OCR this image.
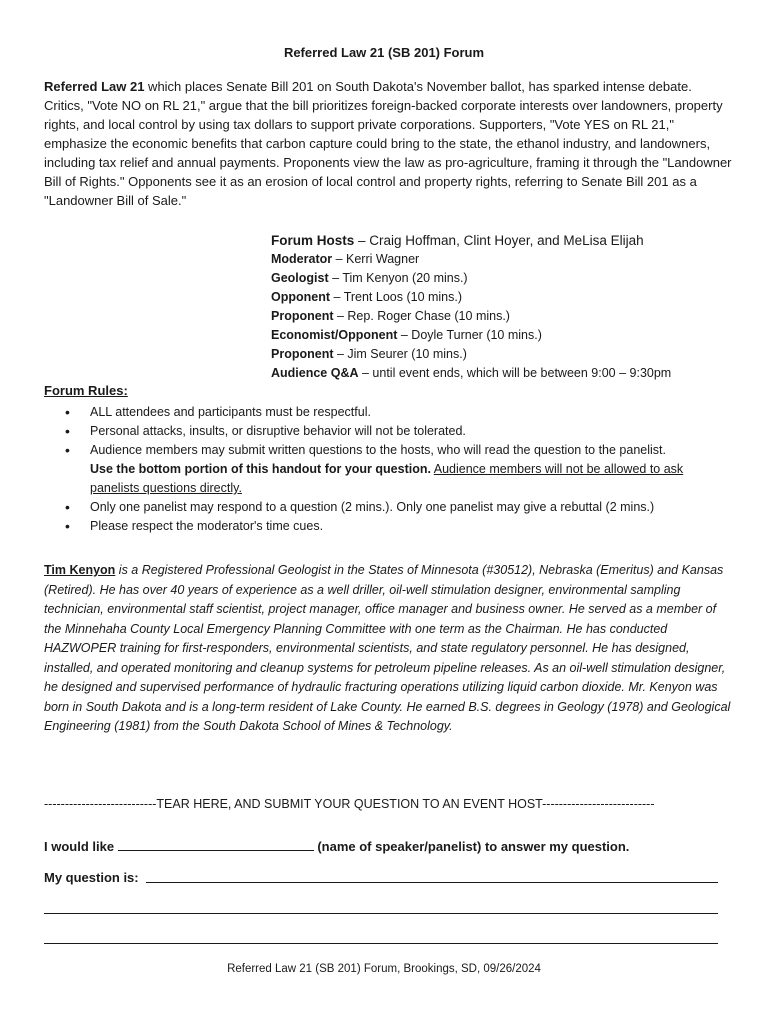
Referred Law 21 (SB 201) Forum

Referred Law 21 which places Senate Bill 201 on South Dakota's November ballot, has sparked intense debate. Critics, "Vote NO on RL 21," argue that the bill prioritizes foreign-backed corporate interests over landowners, property rights, and local control by using tax dollars to support private corporations. Supporters, "Vote YES on RL 21," emphasize the economic benefits that carbon capture could bring to the state, the ethanol industry, and landowners, including tax relief and annual payments. Proponents view the law as pro-agriculture, framing it through the "Landowner Bill of Rights." Opponents see it as an erosion of local control and property rights, referring to Senate Bill 201 as a "Landowner Bill of Sale."

Forum Hosts – Craig Hoffman, Clint Hoyer, and MeLisa Elijah
Moderator – Kerri Wagner
Geologist – Tim Kenyon (20 mins.)
Opponent – Trent Loos (10 mins.)
Proponent – Rep. Roger Chase (10 mins.)
Economist/Opponent – Doyle Turner (10 mins.)
Proponent – Jim Seurer (10 mins.)
Audience Q&A – until event ends, which will be between 9:00 – 9:30pm
Forum Rules:
• ALL attendees and participants must be respectful.
• Personal attacks, insults, or disruptive behavior will not be tolerated.
• Audience members may submit written questions to the hosts, who will read the question to the panelist.
Use the bottom portion of this handout for your question. Audience members will not be allowed to ask panelists questions directly.
• Only one panelist may respond to a question (2 mins.). Only one panelist may give a rebuttal (2 mins.)
• Please respect the moderator's time cues.

Tim Kenyon is a Registered Professional Geologist in the States of Minnesota (#30512), Nebraska (Emeritus) and Kansas (Retired). He has over 40 years of experience as a well driller, oil-well stimulation designer, environmental sampling technician, environmental staff scientist, project manager, office manager and business owner. He served as a member of the Minnehaha County Local Emergency Planning Committee with one term as the Chairman. He has conducted HAZWOPER training for first-responders, environmental scientists, and state regulatory personnel. He has designed, installed, and operated monitoring and cleanup systems for petroleum pipeline releases. As an oil-well stimulation designer, he designed and supervised performance of hydraulic fracturing operations utilizing liquid carbon dioxide. Mr. Kenyon was born in South Dakota and is a long-term resident of Lake County. He earned B.S. degrees in Geology (1978) and Geological Engineering (1981) from the South Dakota School of Mines & Technology.

---------------------------TEAR HERE, AND SUBMIT YOUR QUESTION TO AN EVENT HOST---------------------------
I would like	(name of speaker/panelist) to answer my question.
My question is:
Referred Law 21 (SB 201) Forum, Brookings, SD, 09/26/2024
